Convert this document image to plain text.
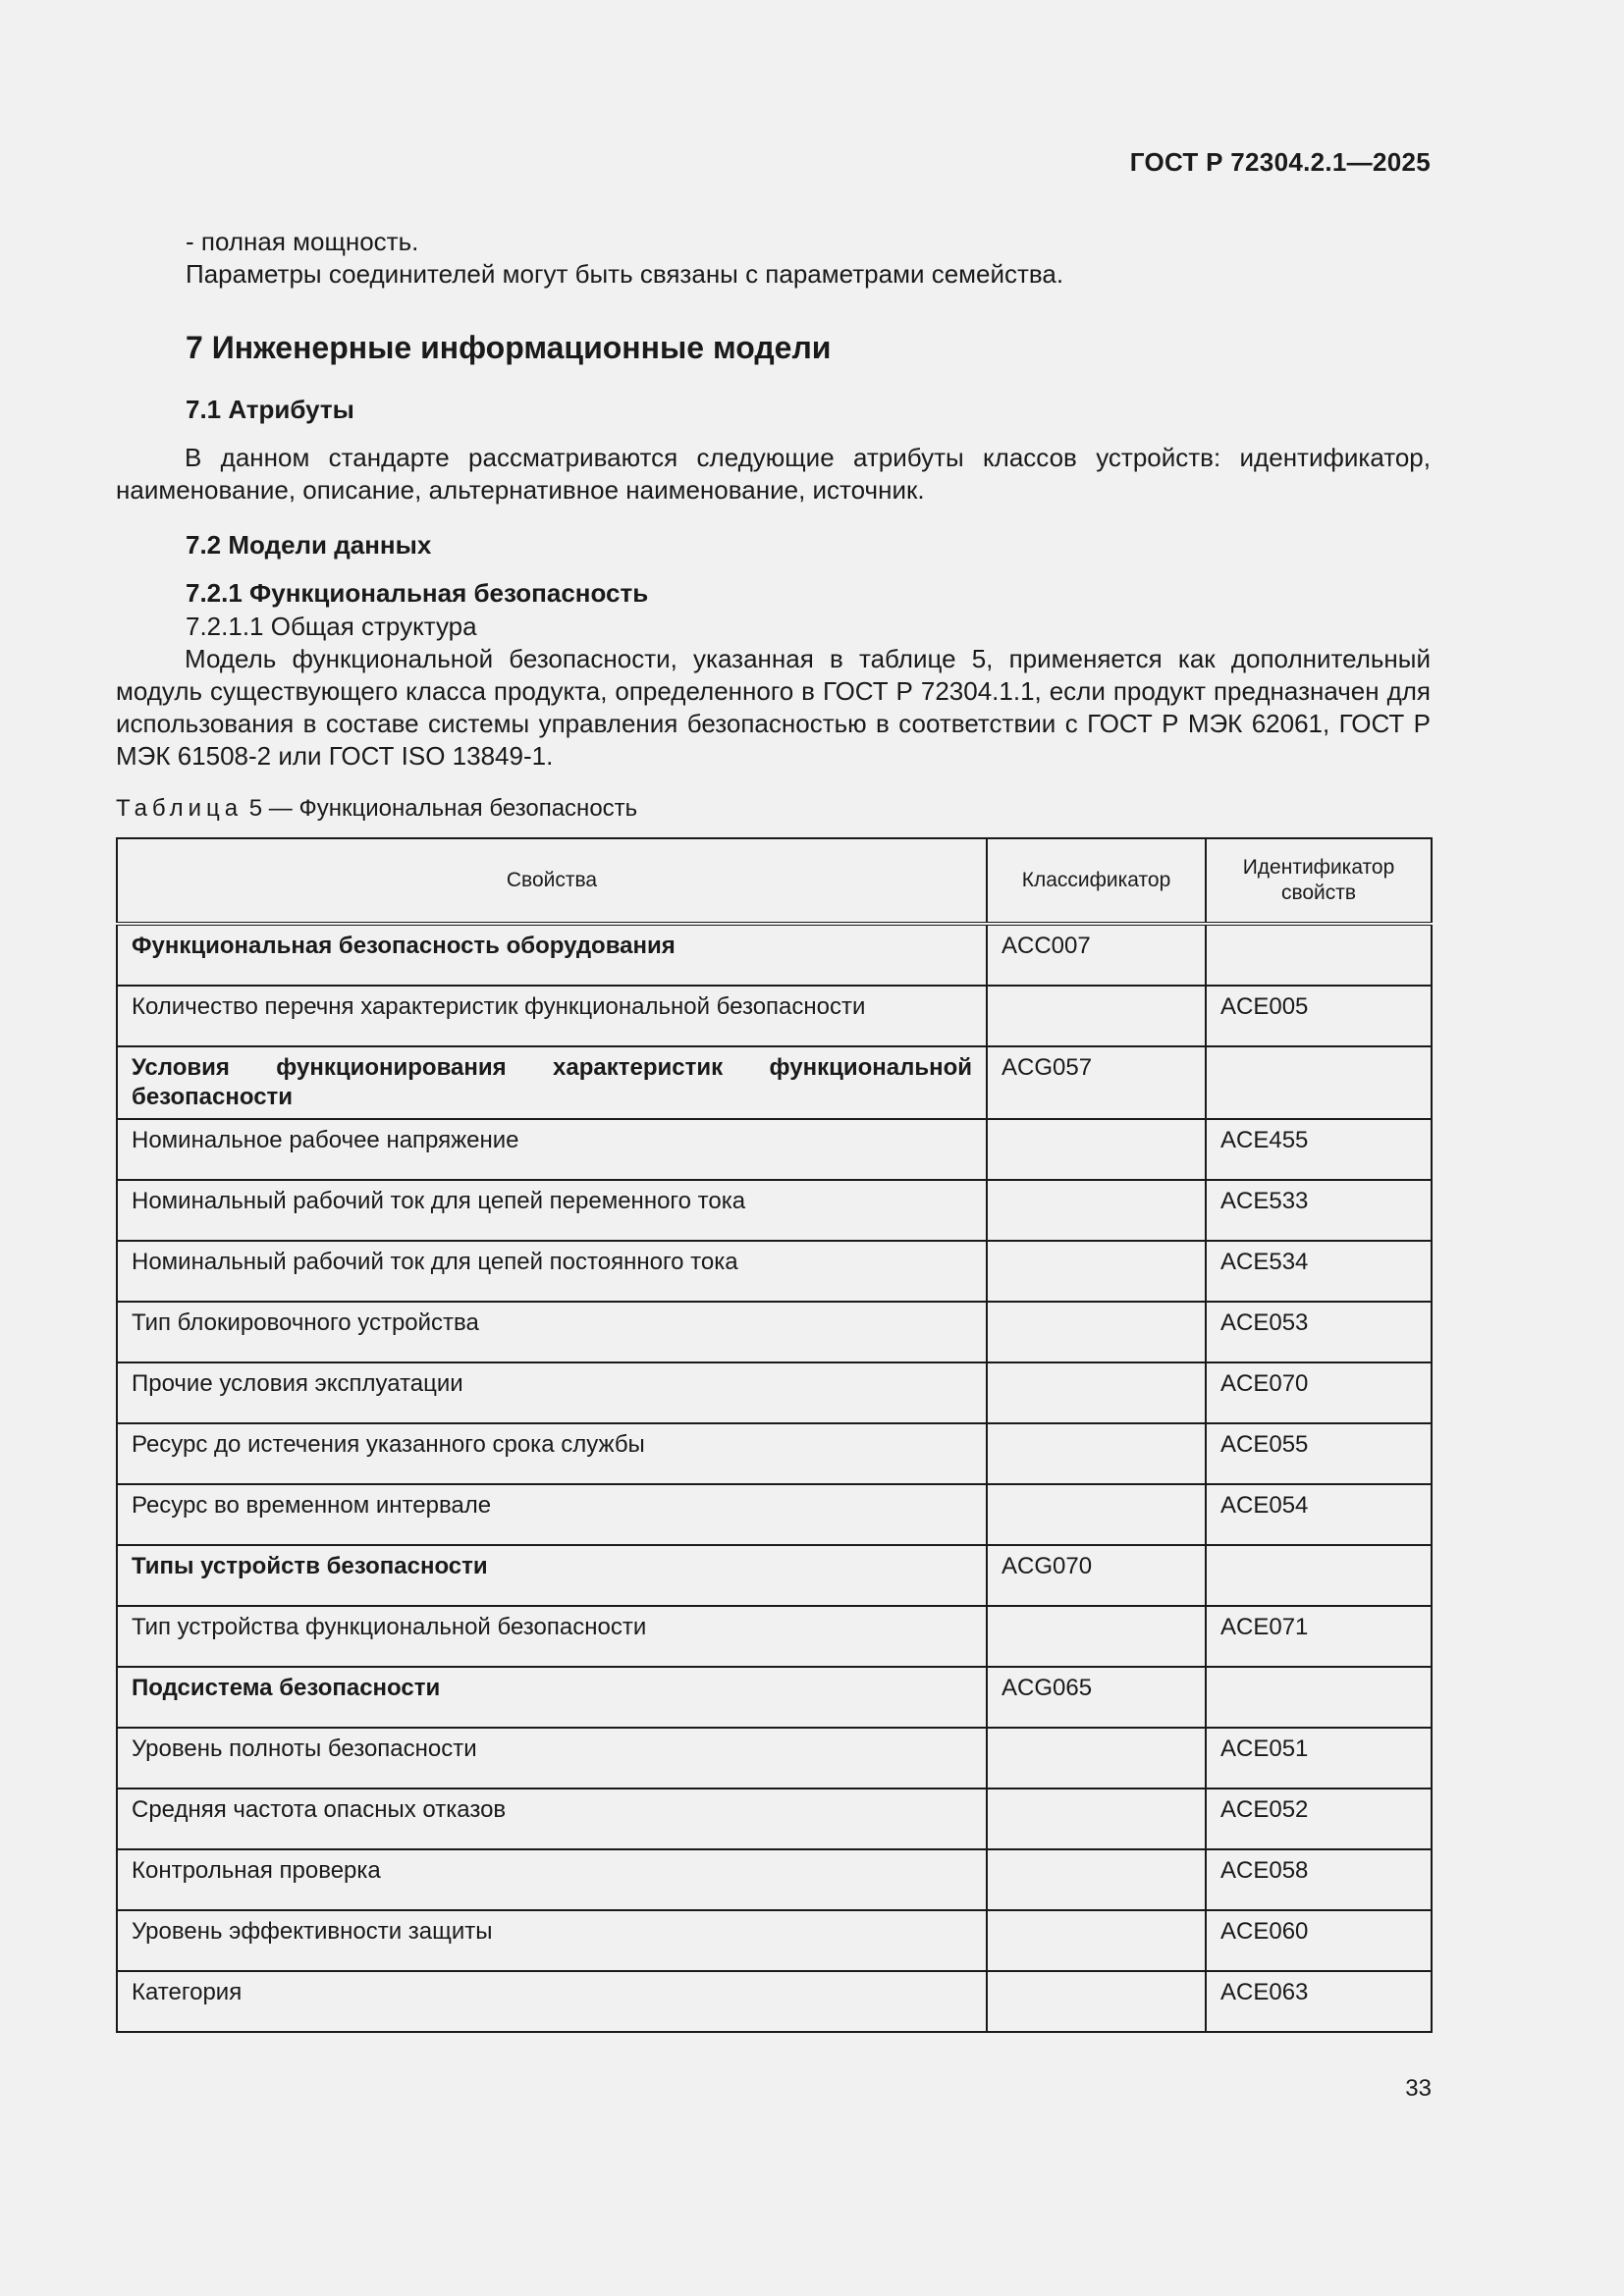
ГОСТ Р 72304.2.1—2025
- полная мощность.
Параметры соединителей могут быть связаны с параметрами семейства.
7 Инженерные информационные модели
7.1 Атрибуты
В данном стандарте рассматриваются следующие атрибуты классов устройств: идентификатор, наименование, описание, альтернативное наименование, источник.
7.2 Модели данных
7.2.1 Функциональная безопасность
7.2.1.1 Общая структура
Модель функциональной безопасности, указанная в таблице 5, применяется как дополнительный модуль существующего класса продукта, определенного в ГОСТ Р 72304.1.1, если продукт предназначен для использования в составе системы управления безопасностью в соответствии с ГОСТ Р МЭК 62061, ГОСТ Р МЭК 61508-2 или ГОСТ ISO 13849-1.
Таблица 5 — Функциональная безопасность
Свойства	Классификатор	Идентификатор свойств
Функциональная безопасность оборудования	ACC007	
Количество перечня характеристик функциональной безопасности		ACE005
Условия функционирования характеристик функциональной безопасности	ACG057	
Номинальное рабочее напряжение		ACE455
Номинальный рабочий ток для цепей переменного тока		ACE533
Номинальный рабочий ток для цепей постоянного тока		ACE534
Тип блокировочного устройства		ACE053
Прочие условия эксплуатации		ACE070
Ресурс до истечения указанного срока службы		ACE055
Ресурс во временном интервале		ACE054
Типы устройств безопасности	ACG070	
Тип устройства функциональной безопасности		ACE071
Подсистема безопасности	ACG065	
Уровень полноты безопасности		ACE051
Средняя частота опасных отказов		ACE052
Контрольная проверка		ACE058
Уровень эффективности защиты		ACE060
Категория		ACE063
33
